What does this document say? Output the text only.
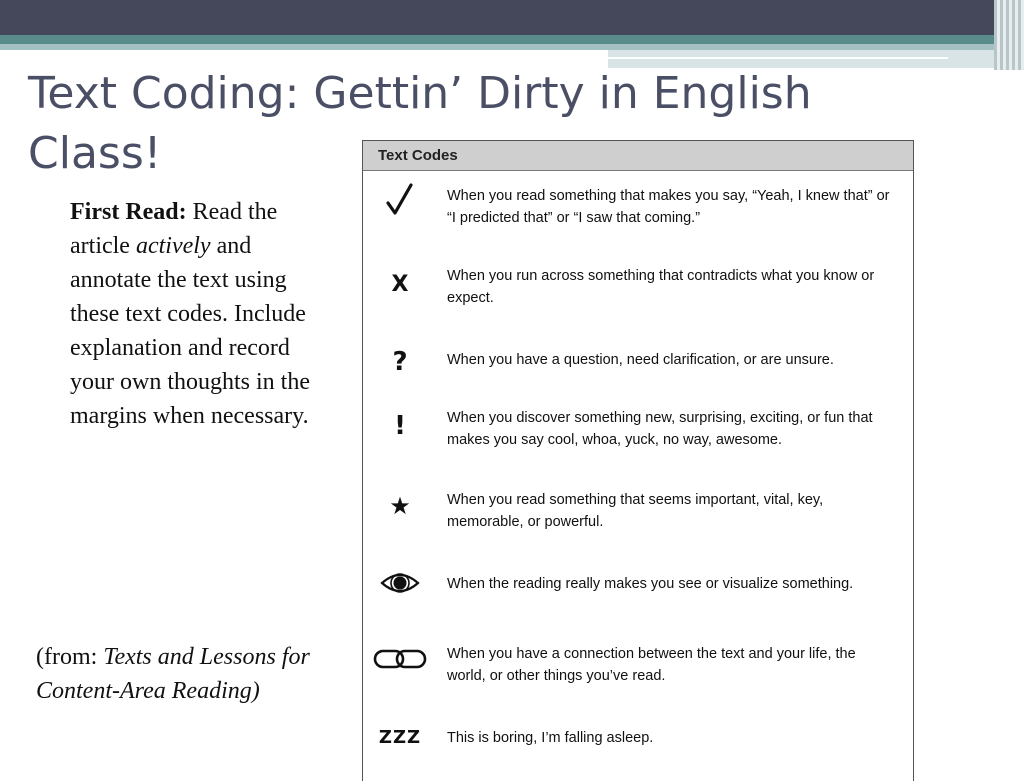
Text Coding: Gettin’ Dirty in English Class!
First Read: Read the article actively and annotate the text using these text codes. Include explanation and record your own thoughts in the margins when necessary.
(from: Texts and Lessons for Content-Area Reading)
Text Codes
When you read something that makes you say, “Yeah, I knew that” or “I predicted that” or “I saw that coming.”
X	When you run across something that contradicts what you know or expect.
?	When you have a question, need clarification, or are unsure.
!	When you discover something new, surprising, exciting, or fun that makes you say cool, whoa, yuck, no way, awesome.
★	When you read something that seems important, vital, key, memorable, or powerful.
When the reading really makes you see or visualize something.
When you have a connection between the text and your life, the world, or other things you’ve read.
ZZZ	This is boring, I’m falling asleep.
